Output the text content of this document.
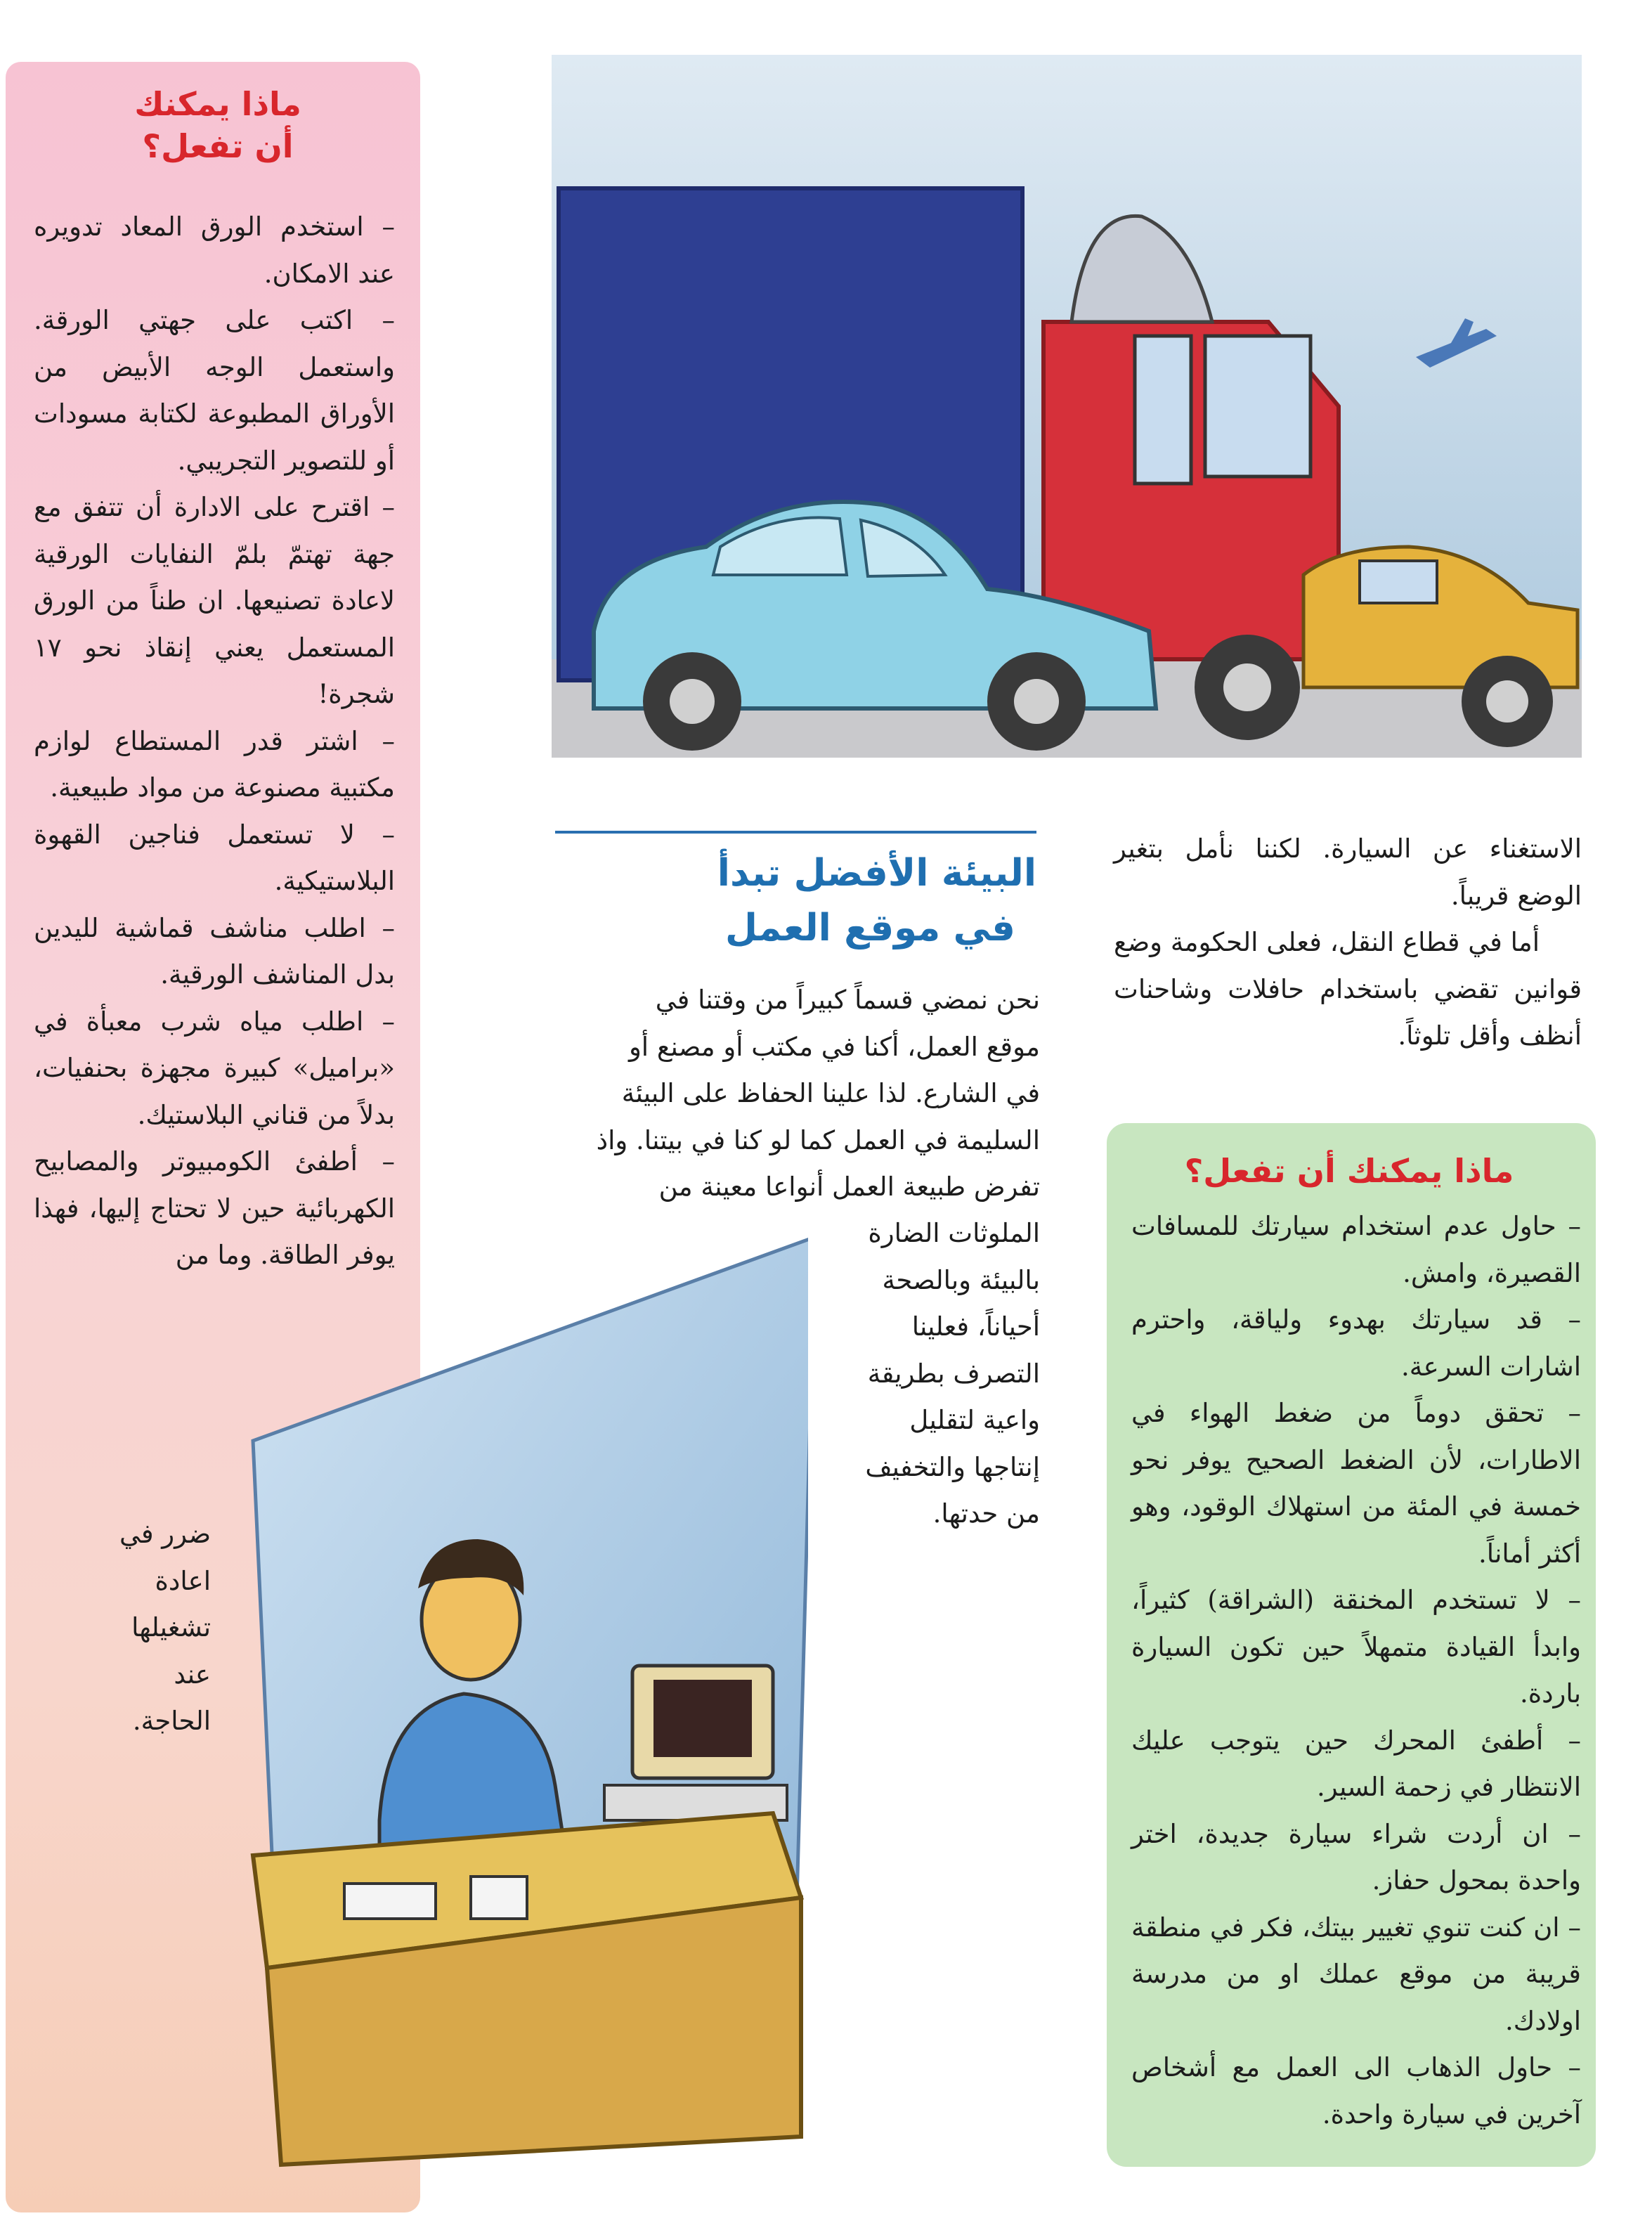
ماذا يمكنك
أن تفعل؟

– استخدم الورق المعاد تدويره عند الامكان.

– اكتب على جهتي الورقة. واستعمل الوجه الأبيض من الأوراق المطبوعة لكتابة مسودات أو للتصوير التجريبي.

– اقترح على الادارة أن تتفق مع جهة تهتمّ بلمّ النفايات الورقية لاعادة تصنيعها. ان طناً من الورق المستعمل يعني إنقاذ نحو ١٧ شجرة!

– اشتر قدر المستطاع لوازم مكتبية مصنوعة من مواد طبيعية.

– لا تستعمل فناجين القهوة البلاستيكية.

– اطلب مناشف قماشية لليدين بدل المناشف الورقية.

– اطلب مياه شرب معبأة في «براميل» كبيرة مجهزة بحنفيات، بدلاً من قناني البلاستيك.

– أطفئ الكومبيوتر والمصابيح الكهربائية حين لا تحتاج إليها، فهذا يوفر الطاقة. وما من

ضرر في
اعادة
تشغيلها
عند
الحاجة.

الاستغناء عن السيارة. لكننا نأمل بتغير الوضع قريباً.

أما في قطاع النقل، فعلى الحكومة وضع قوانين تقضي باستخدام حافلات وشاحنات أنظف وأقل تلوثاً.

البيئة الأفضل تبدأ
في موقع العمل

نحن نمضي قسماً كبيراً من وقتنا في

موقع العمل، أكنا في مكتب أو مصنع أو

في الشارع. لذا علينا الحفاظ على البيئة

السليمة في العمل كما لو كنا في بيتنا. واذ

تفرض طبيعة العمل أنواعا معينة من

الملوثات الضارة
بالبيئة وبالصحة
أحياناً، فعلينا
التصرف بطريقة
واعية لتقليل
إنتاجها والتخفيف
من حدتها.
ماذا يمكنك أن تفعل؟

– حاول عدم استخدام سيارتك للمسافات القصيرة، وامش.

– قد سيارتك بهدوء ولياقة، واحترم اشارات السرعة.

– تحقق دوماً من ضغط الهواء في الاطارات، لأن الضغط الصحيح يوفر نحو خمسة في المئة من استهلاك الوقود، وهو أكثر أماناً.

– لا تستخدم المخنقة (الشراقة) كثيراً، وابدأ القيادة متمهلاً حين تكون السيارة باردة.

– أطفئ المحرك حين يتوجب عليك الانتظار في زحمة السير.

– ان أردت شراء سيارة جديدة، اختر واحدة بمحول حفاز.

– ان كنت تنوي تغيير بيتك، فكر في منطقة قريبة من موقع عملك او من مدرسة اولادك.

– حاول الذهاب الى العمل مع أشخاص آخرين في سيارة واحدة.
